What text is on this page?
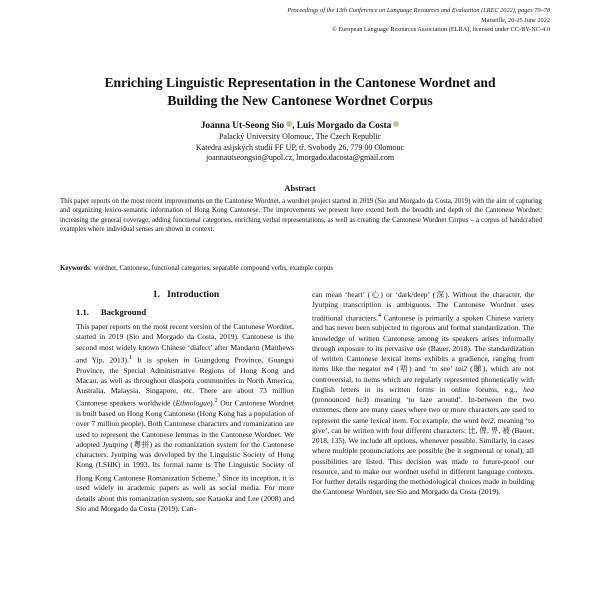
Proceedings of the 13th Conference on Language Resources and Evaluation (LREC 2022), pages 70–78
Marseille, 20-25 June 2022
© European Language Resources Association (ELRA), licensed under CC-BY-NC-4.0
Enriching Linguistic Representation in the Cantonese Wordnet and
Building the New Cantonese Wordnet Corpus
Joanna Ut-Seong Sio , Luis Morgado da Costa
Palacký University Olomouc, The Czech Republic
Katedra asijských studií FF UP, tř. Svobody 26, 779 00 Olomouc
joannautseongsio@upol.cz, lmorgado.dacosta@gmail.com
Abstract
This paper reports on the most recent improvements on the Cantonese Wordnet, a wordnet project started in 2019 (Sio and Morgado da Costa, 2019) with the aim of capturing and organizing lexico-semantic information of Hong Kong Cantonese. The improvements we present here extend both the breadth and depth of the Cantonese Wordnet: increasing the general coverage, adding functional categories, enriching verbal representations, as well as creating the Cantonese Wordnet Corpus – a corpus of handcrafted examples where individual senses are shown in context.
Keywords: wordnet, Cantonese, functional categories, separable compound verbs, example corpus
1. Introduction
1.1. Background
This paper reports on the most recent version of the Cantonese Wordnet, started in 2019 (Sio and Morgado da Costa, 2019). Cantonese is the second most widely known Chinese ‘dialect’ after Mandarin (Matthews and Yip, 2013).$^1$ It is spoken in Guangdong Province, Guangxi Province, the Special Administrative Regions of Hong Kong and Macau, as well as throughout diaspora communities in North America, Australia, Malaysia, Singapore, etc. There are about 73 million Cantonese speakers worldwide (Ethnologue).$^2$ Our Cantonese Wordnet is built based on Hong Kong Cantonese (Hong Kong has a population of over 7 million people). Both Cantonese characters and romanization are used to represent the Cantonese lemmas in the Cantonese Wordnet. We adopted Jyutping (粵拼) as the romanization system for the Cantonese characters. Jyutping was developed by the Linguistic Society of Hong Kong (LSHK) in 1993. Its formal name is The Linguistic Society of Hong Kong Cantonese Romanization Scheme.$^3$ Since its inception, it is used widely in academic papers as well as social media. For more details about this romanization system, see Kataoka and Lee (2008) and Sio and Morgado da Costa (2019). Can-
can mean ‘heart’ (心) or ‘dark/deep’ (深). Without the character, the Jyutping transcription is ambiguous. The Cantonese Wordnet uses traditional characters.$^4$ Cantonese is primarily a spoken Chinese variety and has never been subjected to rigorous and formal standardization. The knowledge of written Cantonese among its speakers arises informally through exposure to its pervasive use (Bauer, 2018). The standardization of written Cantonese lexical items exhibits a gradience, ranging from items like the negator m4 (唔) and ‘to see’ tai2 (睇), which are not controversial, to items which are regularly represented phonetically with English letters in its written forms in online forums, e.g., hea (pronounced he3) meaning ‘to laze around’. In-between the two extremes, there are many cases where two or more characters are used to represent the same lexical item. For example, the word bei2, meaning ‘to give’, can be written with four different characters: 比, 俾, 畀, 被 (Bauer, 2018, 135). We include all options, whenever possible. Similarly, in cases where multiple pronunciations are possible (be it segmental or tonal), all possibilities are listed. This decision was made to future-proof our resource, and to make our wordnet useful in different language contexts. For further details regarding the methodological choices made in building the Cantonese Wordnet, see Sio and Morgado da Costa (2019).
